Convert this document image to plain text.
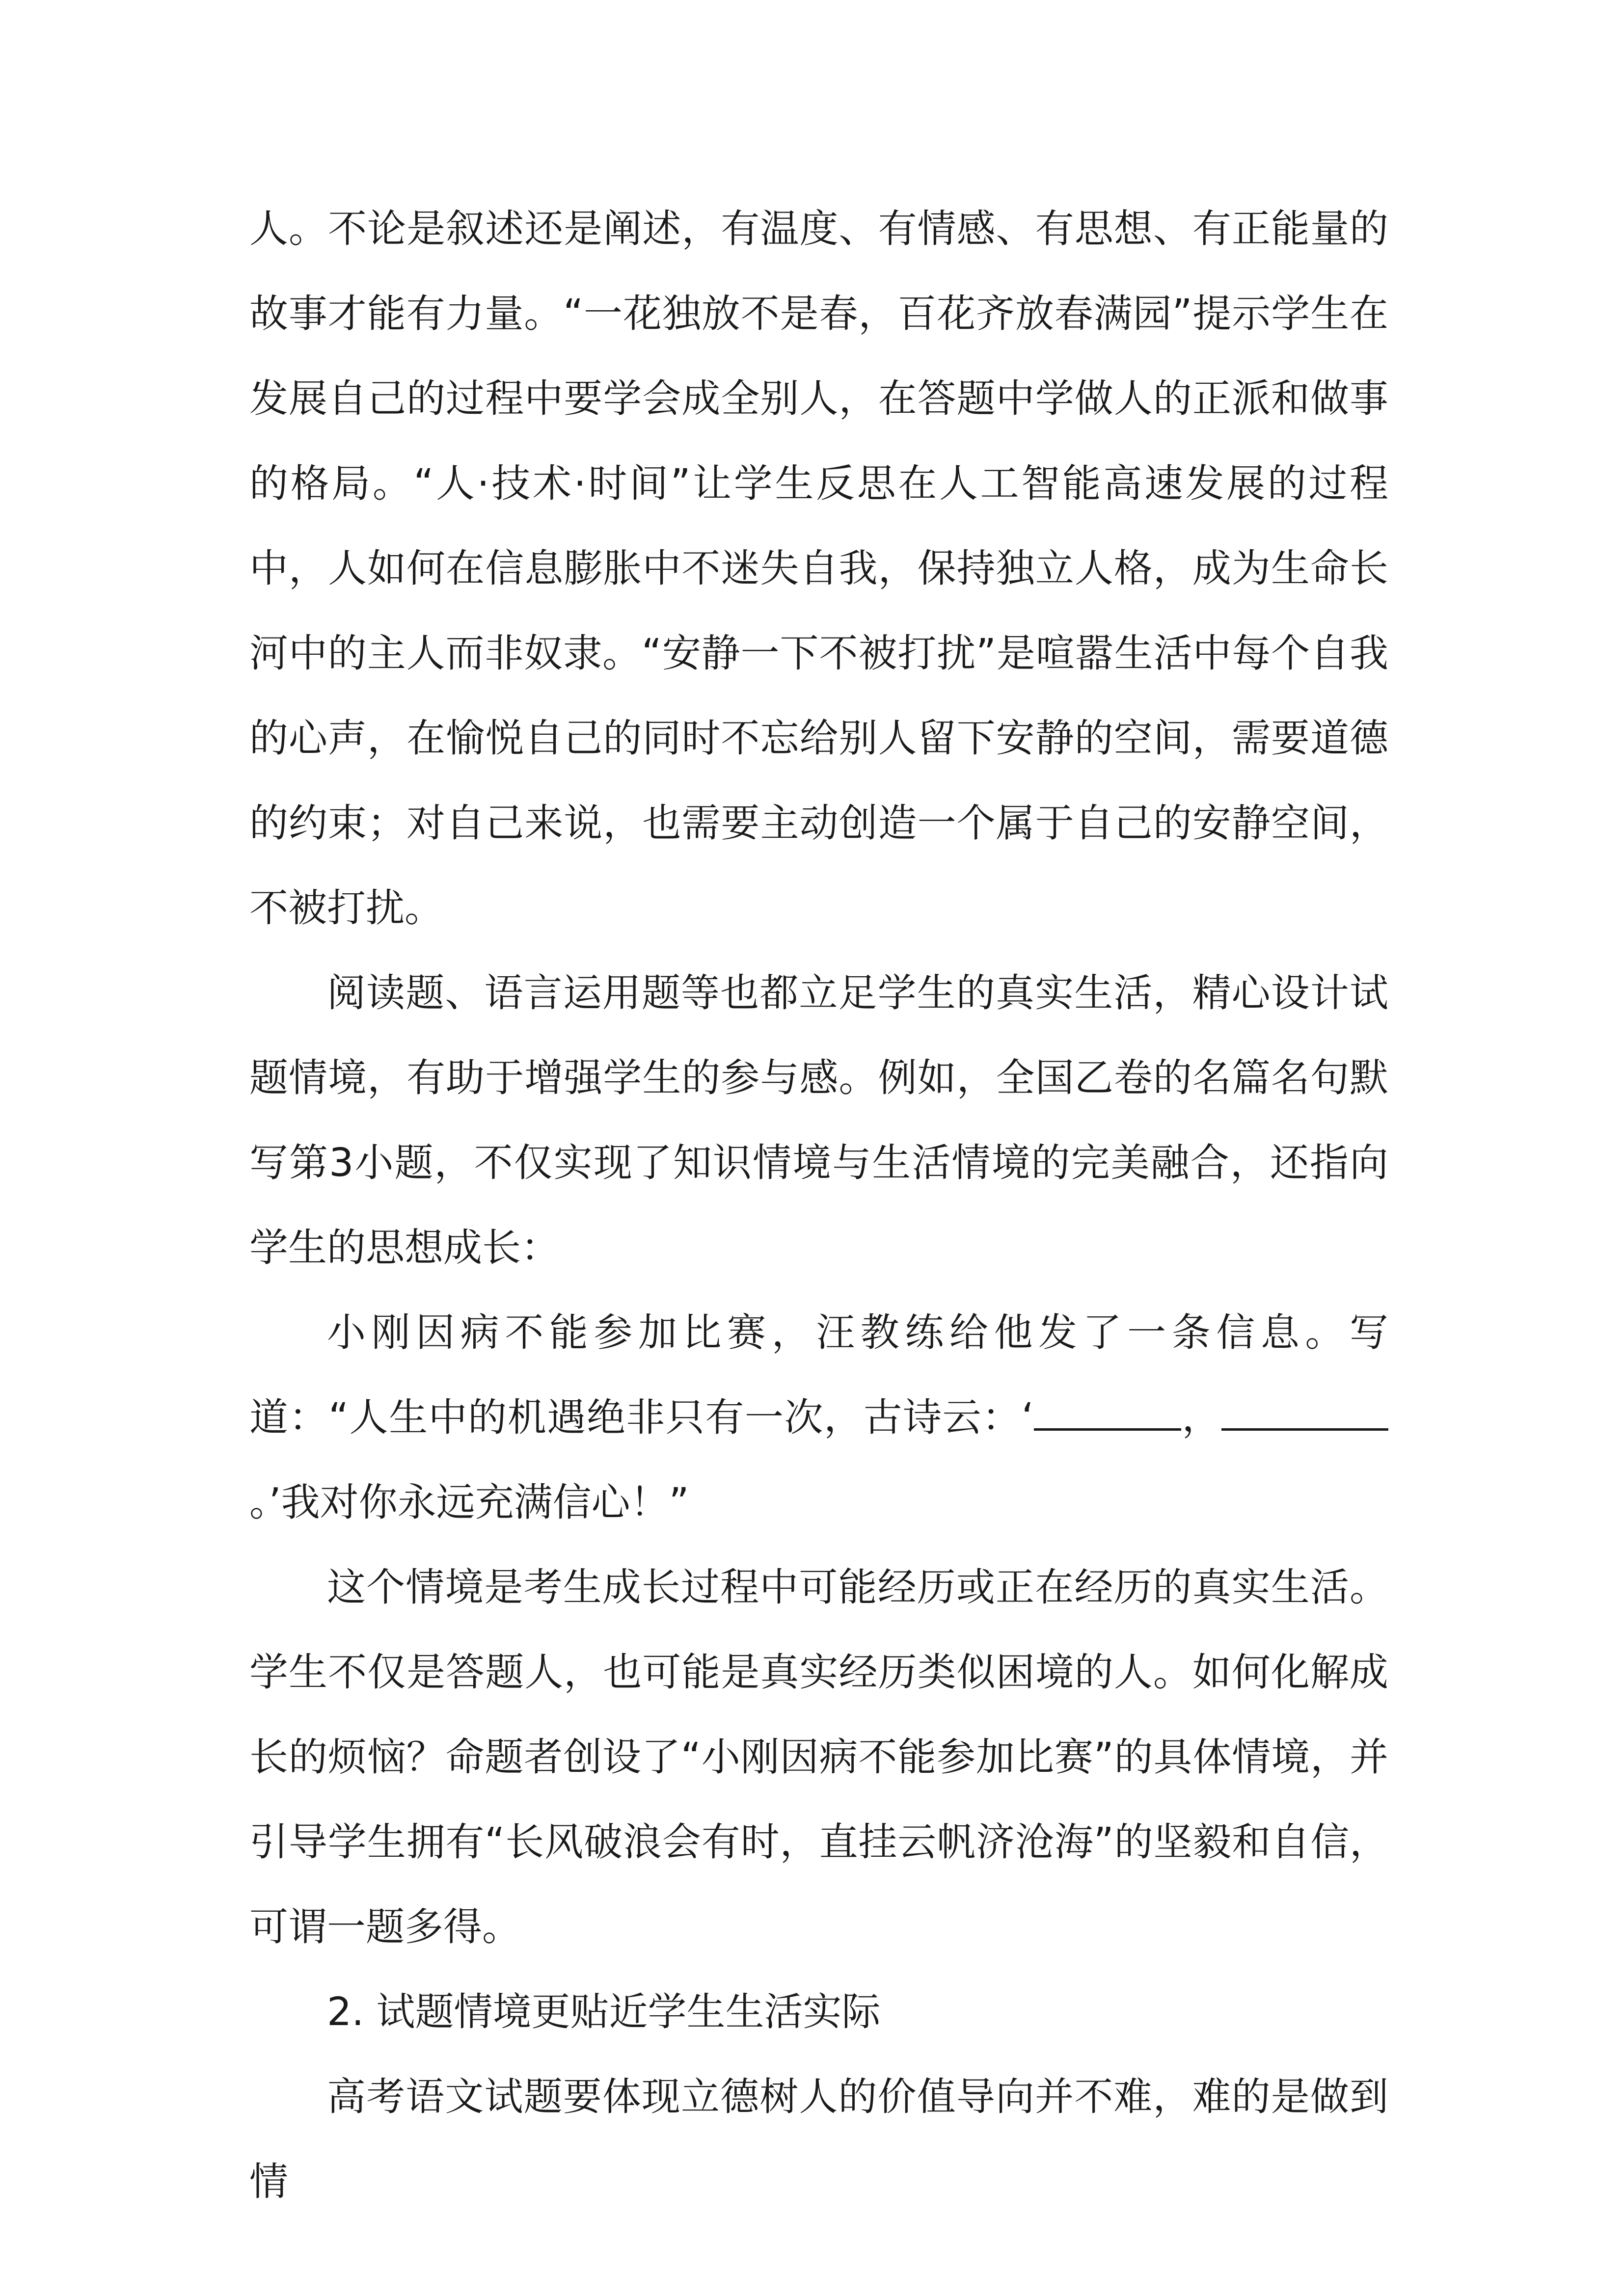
人。不论是叙述还是阐述，有温度、有情感、有思想、有正能量的故事才能有力量。“一花独放不是春，百花齐放春满园”提示学生在发展自己的过程中要学会成全别人，在答题中学做人的正派和做事的格局。“人·技术·时间”让学生反思在人工智能高速发展的过程中，人如何在信息膨胀中不迷失自我，保持独立人格，成为生命长河中的主人而非奴隶。“安静一下不被打扰”是喧嚣生活中每个自我的心声，在愉悦自己的同时不忘给别人留下安静的空间，需要道德的约束；对自己来说，也需要主动创造一个属于自己的安静空间，不被打扰。

阅读题、语言运用题等也都立足学生的真实生活，精心设计试题情境，有助于增强学生的参与感。例如，全国乙卷的名篇名句默写第3小题，不仅实现了知识情境与生活情境的完美融合，还指向学生的思想成长：

小刚因病不能参加比赛，汪教练给他发了一条信息。写道：“人生中的机遇绝非只有一次，古诗云：‘	，。’我对你永远充满信心！”

这个情境是考生成长过程中可能经历或正在经历的真实生活。学生不仅是答题人，也可能是真实经历类似困境的人。如何化解成长的烦恼？命题者创设了“小刚因病不能参加比赛”的具体情境，并引导学生拥有“长风破浪会有时，直挂云帆济沧海”的坚毅和自信，可谓一题多得。

2. 试题情境更贴近学生生活实际

高考语文试题要体现立德树人的价值导向并不难，难的是做到情
